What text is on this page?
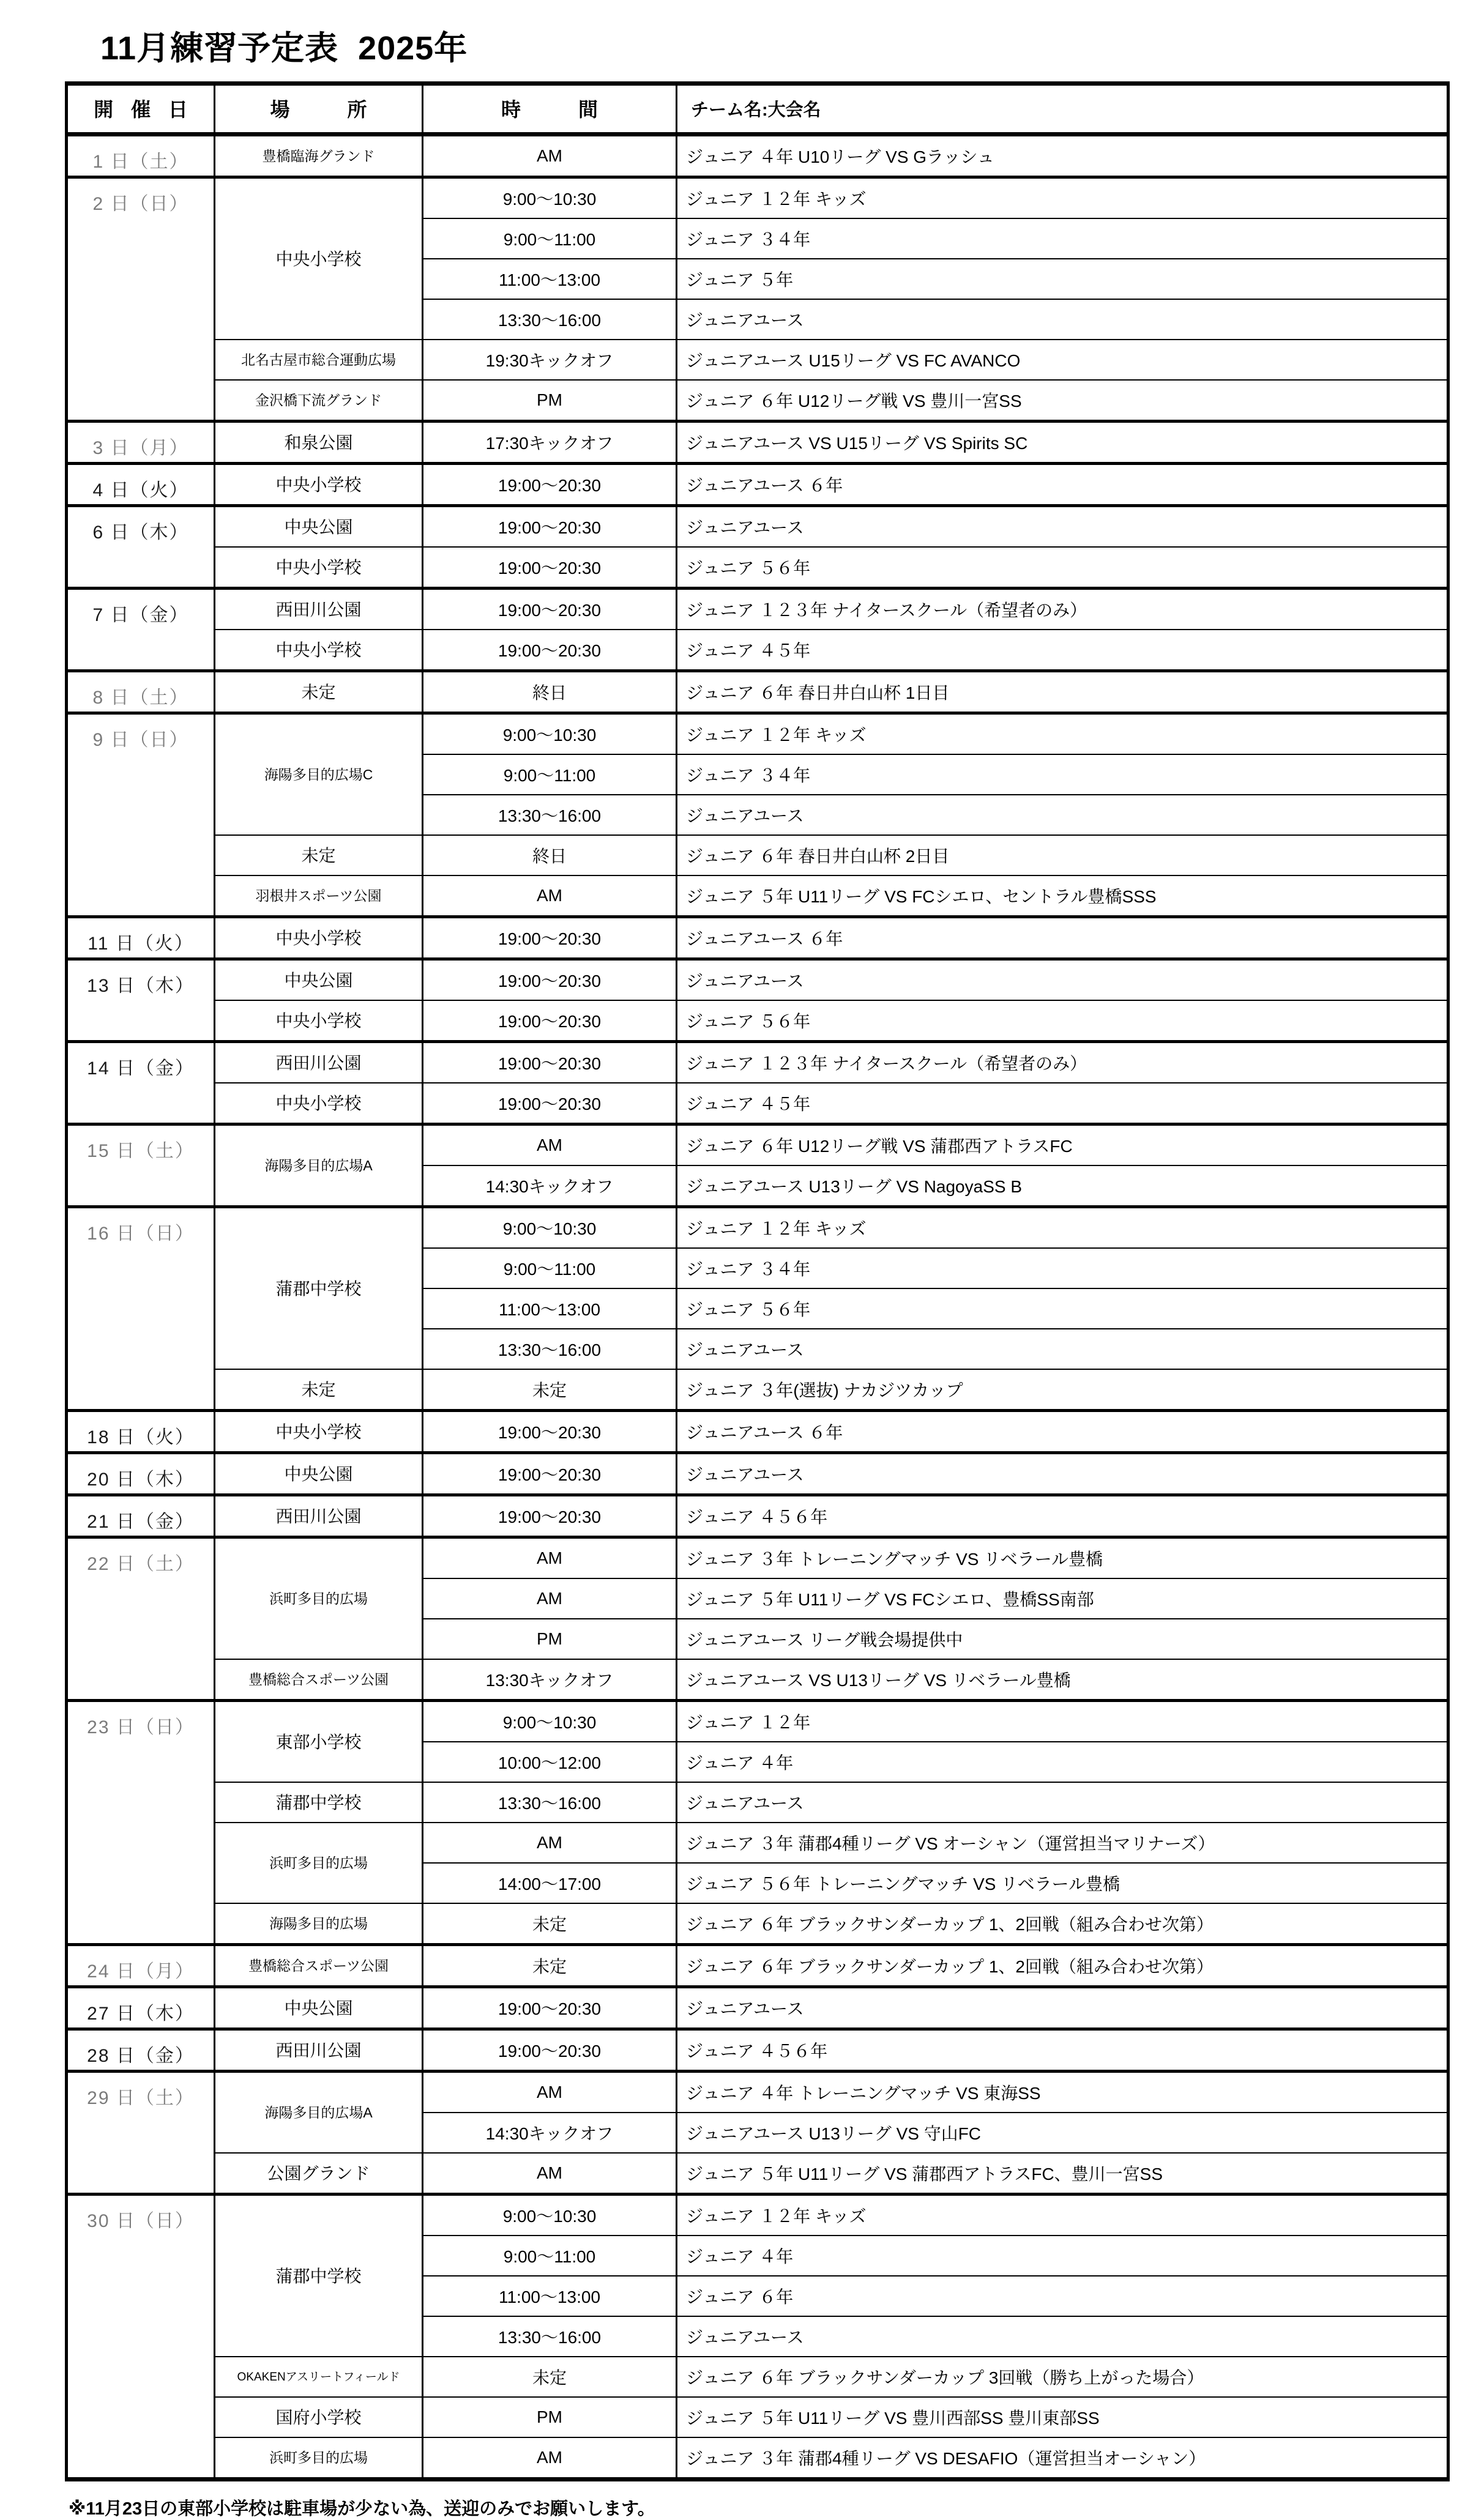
11月練習予定表  2025年
開 催 日	場　　所	時　　間	チーム名:大会名
1 日（土）	豊橋臨海グランド	AM	ジュニア ４年 U10リーグ VS Gラッシュ
2 日（日）	中央小学校	9:00〜10:30	ジュニア １２年 キッズ
		9:00〜11:00	ジュニア ３４年
		11:00〜13:00	ジュニア ５年
		13:30〜16:00	ジュニアユース
	北名古屋市総合運動広場	19:30キックオフ	ジュニアユース U15リーグ VS FC AVANCO
	金沢橋下流グランド	PM	ジュニア ６年 U12リーグ戦 VS 豊川一宮SS
3 日（月）	和泉公園	17:30キックオフ	ジュニアユース VS U15リーグ VS Spirits SC
4 日（火）	中央小学校	19:00〜20:30	ジュニアユース ６年
6 日（木）	中央公園	19:00〜20:30	ジュニアユース
	中央小学校	19:00〜20:30	ジュニア ５６年
7 日（金）	西田川公園	19:00〜20:30	ジュニア １２３年 ナイタースクール（希望者のみ）
	中央小学校	19:00〜20:30	ジュニア ４５年
8 日（土）	未定	終日	ジュニア ６年 春日井白山杯 1日目
9 日（日）	海陽多目的広場C	9:00〜10:30	ジュニア １２年 キッズ
		9:00〜11:00	ジュニア ３４年
		13:30〜16:00	ジュニアユース
	未定	終日	ジュニア ６年 春日井白山杯 2日目
	羽根井スポーツ公園	AM	ジュニア ５年 U11リーグ VS FCシエロ、セントラル豊橋SSS
11 日（火）	中央小学校	19:00〜20:30	ジュニアユース ６年
13 日（木）	中央公園	19:00〜20:30	ジュニアユース
	中央小学校	19:00〜20:30	ジュニア ５６年
14 日（金）	西田川公園	19:00〜20:30	ジュニア １２３年 ナイタースクール（希望者のみ）
	中央小学校	19:00〜20:30	ジュニア ４５年
15 日（土）	海陽多目的広場A	AM	ジュニア ６年 U12リーグ戦 VS 蒲郡西アトラスFC
		14:30キックオフ	ジュニアユース U13リーグ VS NagoyaSS B
16 日（日）	蒲郡中学校	9:00〜10:30	ジュニア １２年 キッズ
		9:00〜11:00	ジュニア ３４年
		11:00〜13:00	ジュニア ５６年
		13:30〜16:00	ジュニアユース
	未定	未定	ジュニア ３年(選抜) ナカジツカップ
18 日（火）	中央小学校	19:00〜20:30	ジュニアユース ６年
20 日（木）	中央公園	19:00〜20:30	ジュニアユース
21 日（金）	西田川公園	19:00〜20:30	ジュニア ４５６年
22 日（土）	浜町多目的広場	AM	ジュニア ３年 トレーニングマッチ VS リベラール豊橋
		AM	ジュニア ５年 U11リーグ VS FCシエロ、豊橋SS南部
		PM	ジュニアユース リーグ戦会場提供中
	豊橋総合スポーツ公園	13:30キックオフ	ジュニアユース VS U13リーグ VS リベラール豊橋
23 日（日）	東部小学校	9:00〜10:30	ジュニア １２年
		10:00〜12:00	ジュニア ４年
	蒲郡中学校	13:30〜16:00	ジュニアユース
	浜町多目的広場	AM	ジュニア ３年 蒲郡4種リーグ VS オーシャン（運営担当マリナーズ）
		14:00〜17:00	ジュニア ５６年 トレーニングマッチ VS リベラール豊橋
	海陽多目的広場	未定	ジュニア ６年 ブラックサンダーカップ 1、2回戦（組み合わせ次第）
24 日（月）	豊橋総合スポーツ公園	未定	ジュニア ６年 ブラックサンダーカップ 1、2回戦（組み合わせ次第）
27 日（木）	中央公園	19:00〜20:30	ジュニアユース
28 日（金）	西田川公園	19:00〜20:30	ジュニア ４５６年
29 日（土）	海陽多目的広場A	AM	ジュニア ４年 トレーニングマッチ VS 東海SS
		14:30キックオフ	ジュニアユース U13リーグ VS 守山FC
	公園グランド	AM	ジュニア ５年 U11リーグ VS 蒲郡西アトラスFC、豊川一宮SS
30 日（日）	蒲郡中学校	9:00〜10:30	ジュニア １２年 キッズ
		9:00〜11:00	ジュニア ４年
		11:00〜13:00	ジュニア ６年
		13:30〜16:00	ジュニアユース
	OKAKENアスリートフィールド	未定	ジュニア ６年 ブラックサンダーカップ 3回戦（勝ち上がった場合）
	国府小学校	PM	ジュニア ５年 U11リーグ VS 豊川西部SS 豊川東部SS
	浜町多目的広場	AM	ジュニア ３年 蒲郡4種リーグ VS DESAFIO（運営担当オーシャン）

※11月23日の東部小学校は駐車場が少ない為、送迎のみでお願いします。
